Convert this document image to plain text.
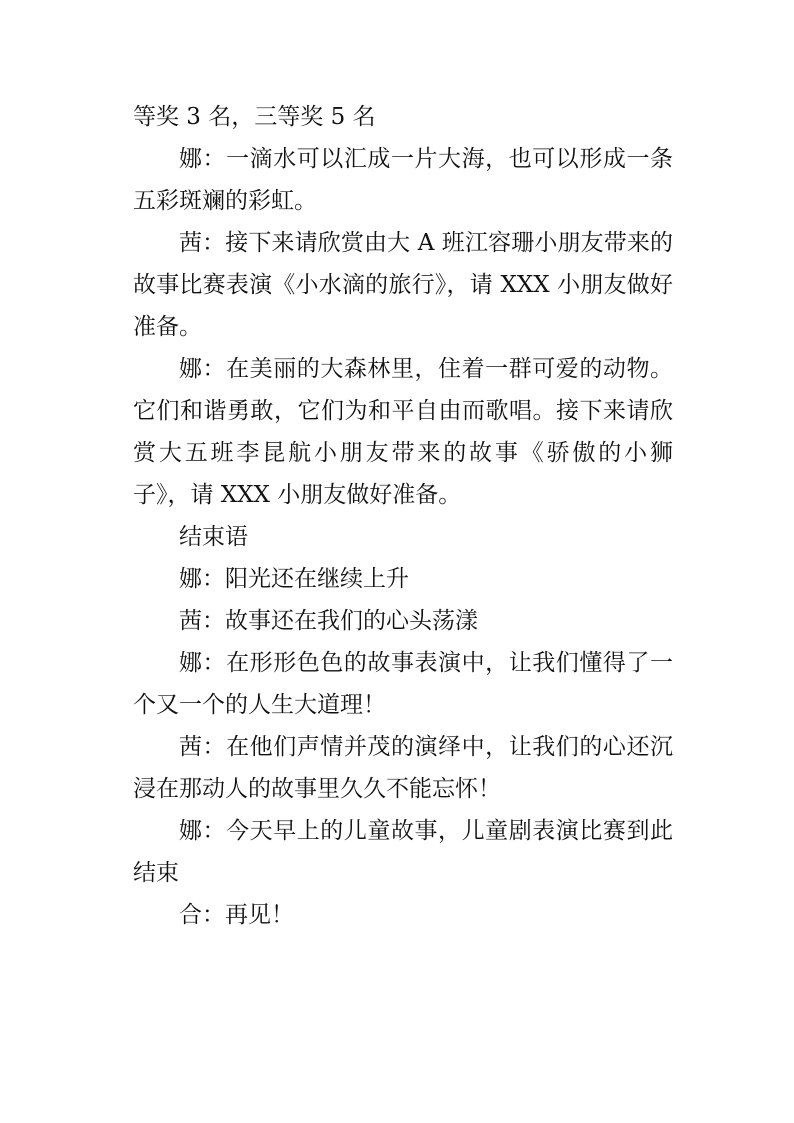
等奖 3 名，三等奖 5 名

娜：一滴水可以汇成一片大海，也可以形成一条五彩斑斓的彩虹。

茜：接下来请欣赏由大 A 班江容珊小朋友带来的故事比赛表演《小水滴的旅行》，请 XXX 小朋友做好准备。

娜：在美丽的大森林里，住着一群可爱的动物。它们和谐勇敢，它们为和平自由而歌唱。接下来请欣赏大五班李昆航小朋友带来的故事《骄傲的小狮子》，请 XXX 小朋友做好准备。

结束语

娜：阳光还在继续上升

茜：故事还在我们的心头荡漾

娜：在形形色色的故事表演中，让我们懂得了一个又一个的人生大道理！

茜：在他们声情并茂的演绎中，让我们的心还沉浸在那动人的故事里久久不能忘怀！

娜：今天早上的儿童故事，儿童剧表演比赛到此结束

合：再见！
